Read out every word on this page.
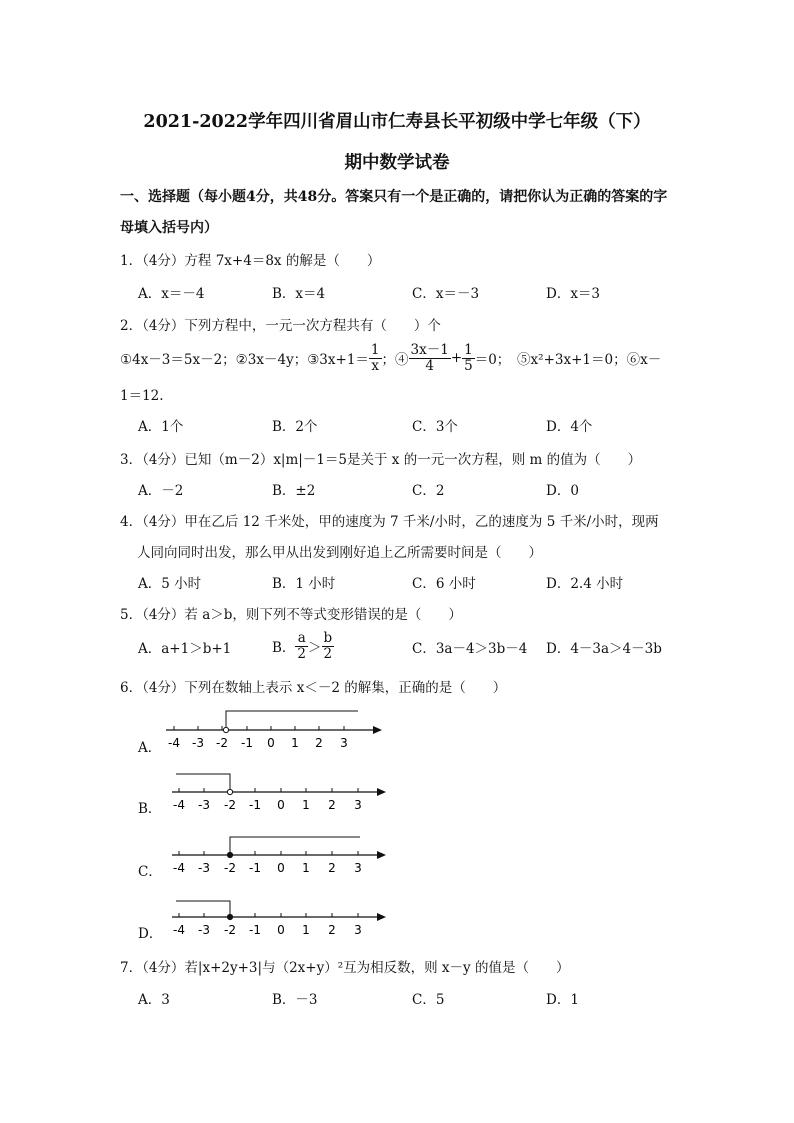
2021-2022学年四川省眉山市仁寿县长平初级中学七年级（下）
期中数学试卷
一、选择题（每小题4分，共48分。答案只有一个是正确的，请把你认为正确的答案的字
母填入括号内）
1．（4分）方程 7x+4＝8x 的解是（　　）
A．x＝－4	B．x＝4	C．x＝－3	D．x＝3
2．（4分）下列方程中，一元一次方程共有（　　）个
①4x－3＝5x－2；②3x－4y；③3x+1＝ $\frac{1}{x}$ ；④ $\frac{3x-1}{4} + \frac{1}{5} =0$；　⑤x²+3x+1＝0；⑥x－
1＝12.
A．1个	B．2个	C．3个	D．4个
3．（4分）已知（m－2）x|m|－1＝5是关于 x 的一元一次方程，则 m 的值为（　　）
A．－2	B．±2	C．2	D．0
4．（4分）甲在乙后 12 千米处，甲的速度为 7 千米/小时，乙的速度为 5 千米/小时，现两
人同向同时出发，那么甲从出发到刚好追上乙所需要时间是（　　）
A．5 小时	B．1 小时	C．6 小时	D．2.4 小时
5．（4分）若 a＞b，则下列不等式变形错误的是（　　）
A．a+1＞b+1	B． $\frac{a}{2} > \frac{b}{2}$	C．3a－4＞3b－4 D．4－3a＞4－3b
6．（4分）下列在数轴上表示 x＜－2 的解集，正确的是（　　）
A．
B．
C．
D．
-4 -3 -2 -1 0 1 2 3
-4 -3 -2 -1 0 1 2 3
-4 -3 -2 -1 0 1 2 3
-4 -3 -2 -1 0 1 2 3
7．（4分）若|x+2y+3|与（2x+y）²互为相反数，则 x－y 的值是（　　）
A．3	B．－3	C．5	D．1
